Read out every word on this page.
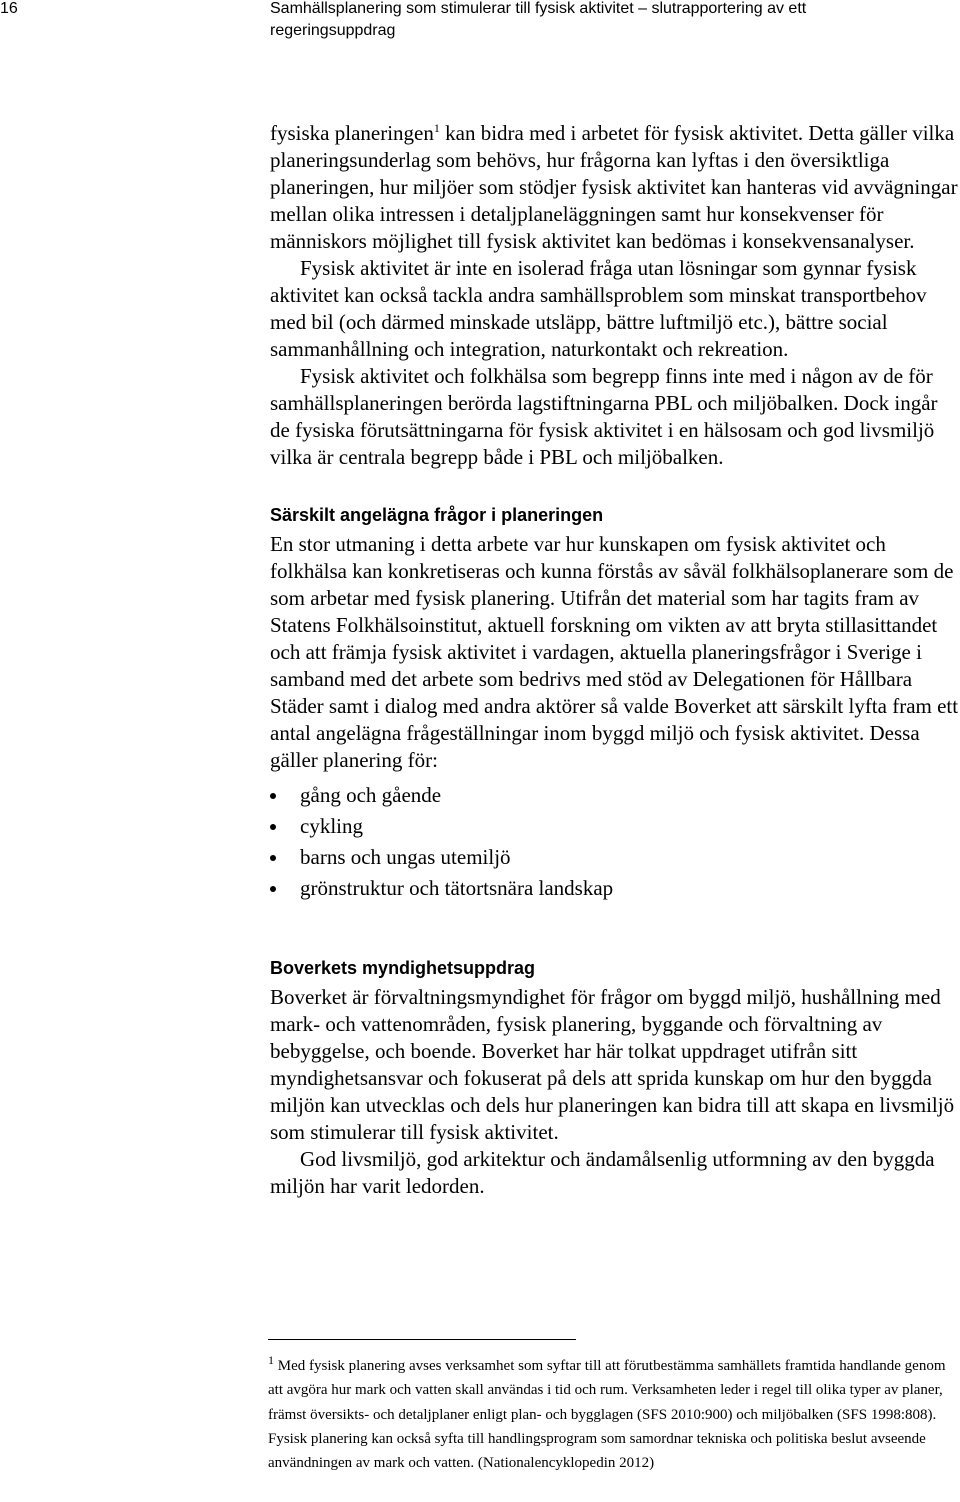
16	Samhällsplanering som stimulerar till fysisk aktivitet – slutrapportering av ett regeringsuppdrag

fysiska planeringen$^1$ kan bidra med i arbetet för fysisk aktivitet. Detta gäller vilka planeringsunderlag som behövs, hur frågorna kan lyftas i den översiktliga planeringen, hur miljöer som stödjer fysisk aktivitet kan hanteras vid avvägningar mellan olika intressen i detaljplaneläggningen samt hur konsekvenser för människors möjlighet till fysisk aktivitet kan bedömas i konsekvensanalyser.

Fysisk aktivitet är inte en isolerad fråga utan lösningar som gynnar fysisk aktivitet kan också tackla andra samhällsproblem som minskat transportbehov med bil (och därmed minskade utsläpp, bättre luftmiljö etc.), bättre social sammanhållning och integration, naturkontakt och rekreation.

Fysisk aktivitet och folkhälsa som begrepp finns inte med i någon av de för samhällsplaneringen berörda lagstiftningarna PBL och miljöbalken. Dock ingår de fysiska förutsättningarna för fysisk aktivitet i en hälsosam och god livsmiljö vilka är centrala begrepp både i PBL och miljöbalken.

Särskilt angelägna frågor i planeringen

En stor utmaning i detta arbete var hur kunskapen om fysisk aktivitet och folkhälsa kan konkretiseras och kunna förstås av såväl folkhälsoplanerare som de som arbetar med fysisk planering. Utifrån det material som har tagits fram av Statens Folkhälsoinstitut, aktuell forskning om vikten av att bryta stillasittandet och att främja fysisk aktivitet i vardagen, aktuella planeringsfrågor i Sverige i samband med det arbete som bedrivs med stöd av Delegationen för Hållbara Städer samt i dialog med andra aktörer så valde Boverket att särskilt lyfta fram ett antal angelägna frågeställningar inom byggd miljö och fysisk aktivitet. Dessa gäller planering för:

gång och gående
cykling
barns och ungas utemiljö
grönstruktur och tätortsnära landskap
Boverkets myndighetsuppdrag

Boverket är förvaltningsmyndighet för frågor om byggd miljö, hushållning med mark- och vattenområden, fysisk planering, byggande och förvaltning av bebyggelse, och boende. Boverket har här tolkat uppdraget utifrån sitt myndighetsansvar och fokuserat på dels att sprida kunskap om hur den byggda miljön kan utvecklas och dels hur planeringen kan bidra till att skapa en livsmiljö som stimulerar till fysisk aktivitet.

God livsmiljö, god arkitektur och ändamålsenlig utformning av den byggda miljön har varit ledorden.

$^1$ Med fysisk planering avses verksamhet som syftar till att förutbestämma samhällets framtida handlande genom att avgöra hur mark och vatten skall användas i tid och rum. Verksamheten leder i regel till olika typer av planer, främst översikts- och detaljplaner enligt plan- och bygglagen (SFS 2010:900) och miljöbalken (SFS 1998:808). Fysisk planering kan också syfta till handlingsprogram som samordnar tekniska och politiska beslut avseende användningen av mark och vatten. (Nationalencyklopedin 2012)
